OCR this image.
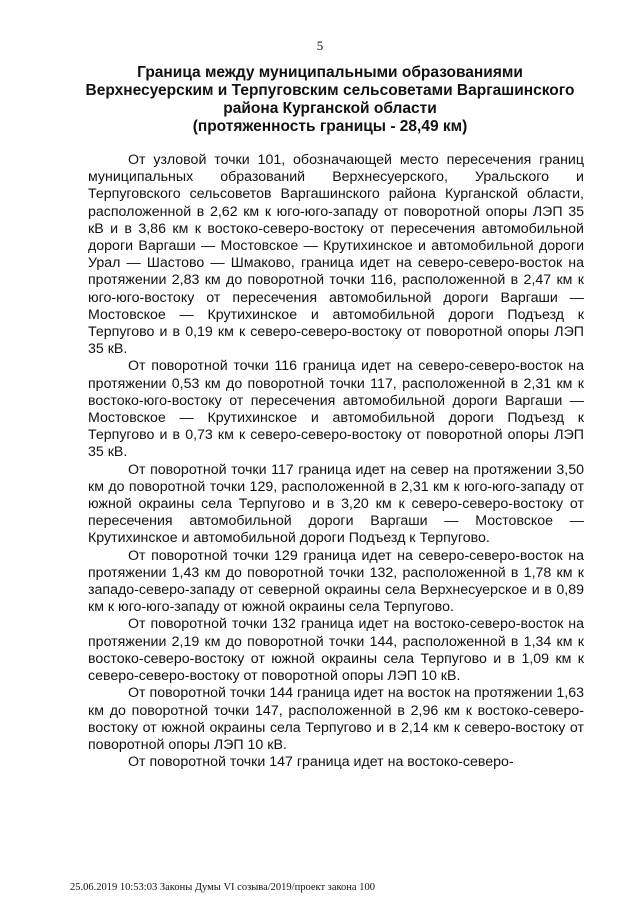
5
Граница между муниципальными образованиями
Верхнесуерским и Терпуговским сельсоветами Варгашинского
района Курганской области
(протяженность границы - 28,49 км)

От узловой точки 101, обозначающей место пересечения границ муниципальных образований Верхнесуерского, Уральского и Терпуговского сельсоветов Варгашинского района Курганской области, расположенной в 2,62 км к юго-юго-западу от поворотной опоры ЛЭП 35 кВ и в 3,86 км к востоко-северо-востоку от пересечения автомобильной дороги Варгаши — Мостовское — Крутихинское и автомобильной дороги Урал — Шастово — Шмаково, граница идет на северо-северо-восток на протяжении 2,83 км до поворотной точки 116, расположенной в 2,47 км к юго-юго-востоку от пересечения автомобильной дороги Варгаши — Мостовское — Крутихинское и автомобильной дороги Подъезд к Терпугово и в 0,19 км к северо-северо-востоку от поворотной опоры ЛЭП 35 кВ.

От поворотной точки 116 граница идет на северо-северо-восток на протяжении 0,53 км до поворотной точки 117, расположенной в 2,31 км к востоко-юго-востоку от пересечения автомобильной дороги Варгаши — Мостовское — Крутихинское и автомобильной дороги Подъезд к Терпугово и в 0,73 км к северо-северо-востоку от поворотной опоры ЛЭП 35 кВ.

От поворотной точки 117 граница идет на север на протяжении 3,50 км до поворотной точки 129, расположенной в 2,31 км к юго-юго-западу от южной окраины села Терпугово и в 3,20 км к северо-северо-востоку от пересечения автомобильной дороги Варгаши — Мостовское — Крутихинское и автомобильной дороги Подъезд к Терпугово.

От поворотной точки 129 граница идет на северо-северо-восток на протяжении 1,43 км до поворотной точки 132, расположенной в 1,78 км к западо-северо-западу от северной окраины села Верхнесуерское и в 0,89 км к юго-юго-западу от южной окраины села Терпугово.

От поворотной точки 132 граница идет на востоко-северо-восток на протяжении 2,19 км до поворотной точки 144, расположенной в 1,34 км к востоко-северо-востоку от южной окраины села Терпугово и в 1,09 км к северо-северо-востоку от поворотной опоры ЛЭП 10 кВ.

От поворотной точки 144 граница идет на восток на протяжении 1,63 км до поворотной точки 147, расположенной в 2,96 км к востоко-северо-востоку от южной окраины села Терпугово и в 2,14 км к северо-востоку от поворотной опоры ЛЭП 10 кВ.

От поворотной точки 147 граница идет на востоко-северо-

25.06.2019 10:53:03 Законы Думы VI созыва/2019/проект закона 100
